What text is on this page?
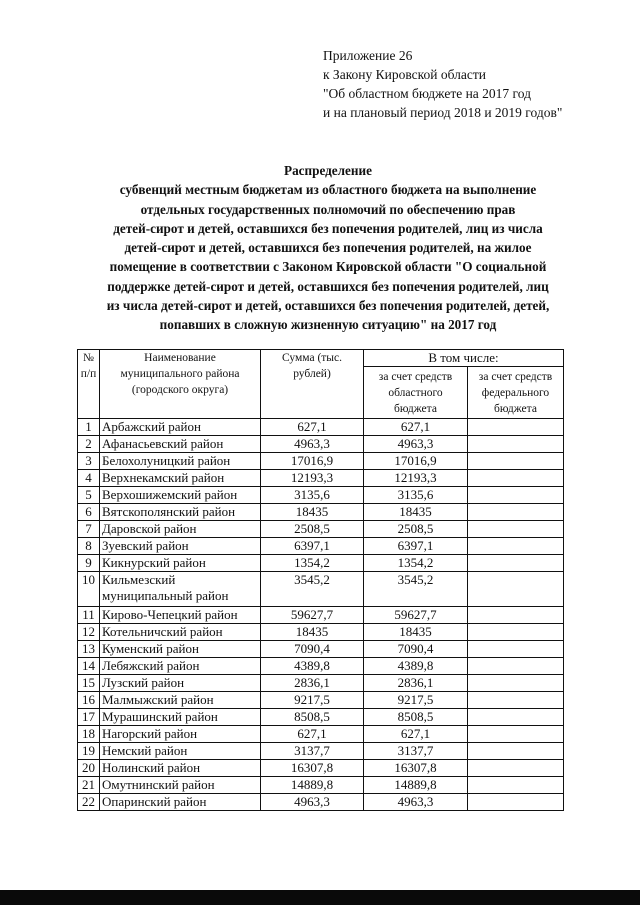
Приложение 26
к Закону Кировской области
"Об областном бюджете на 2017 год
и на плановый период 2018 и 2019 годов"
Распределение
субвенций местным бюджетам из областного бюджета на выполнение
отдельных государственных полномочий по обеспечению прав
детей-сирот и детей, оставшихся без попечения родителей, лиц из числа
детей-сирот и детей, оставшихся без попечения родителей, на жилое
помещение в соответствии с Законом Кировской области "О социальной
поддержке детей-сирот и детей, оставшихся без попечения родителей, лиц
из числа детей-сирот и детей, оставшихся без попечения родителей, детей,
попавших в сложную жизненную ситуацию" на 2017 год
№ п/п	Наименование муниципального района (городского округа)	Сумма (тыс. рублей)	В том числе:	
			за счет средств областного бюджета	за счет средств федерального бюджета
1	Арбажский район	627,1	627,1	
2	Афанасьевский район	4963,3	4963,3	
3	Белохолуницкий район	17016,9	17016,9	
4	Верхнекамский район	12193,3	12193,3	
5	Верхошижемский район	3135,6	3135,6	
6	Вятскополянский район	18435	18435	
7	Даровской район	2508,5	2508,5	
8	Зуевский район	6397,1	6397,1	
9	Кикнурский район	1354,2	1354,2	
10	Кильмезский муниципальный район	3545,2	3545,2	
11	Кирово-Чепецкий район	59627,7	59627,7	
12	Котельничский район	18435	18435	
13	Куменский район	7090,4	7090,4	
14	Лебяжский район	4389,8	4389,8	
15	Лузский район	2836,1	2836,1	
16	Малмыжский район	9217,5	9217,5	
17	Мурашинский район	8508,5	8508,5	
18	Нагорский район	627,1	627,1	
19	Немский район	3137,7	3137,7	
20	Нолинский район	16307,8	16307,8	
21	Омутнинский район	14889,8	14889,8	
22	Опаринский район	4963,3	4963,3	
